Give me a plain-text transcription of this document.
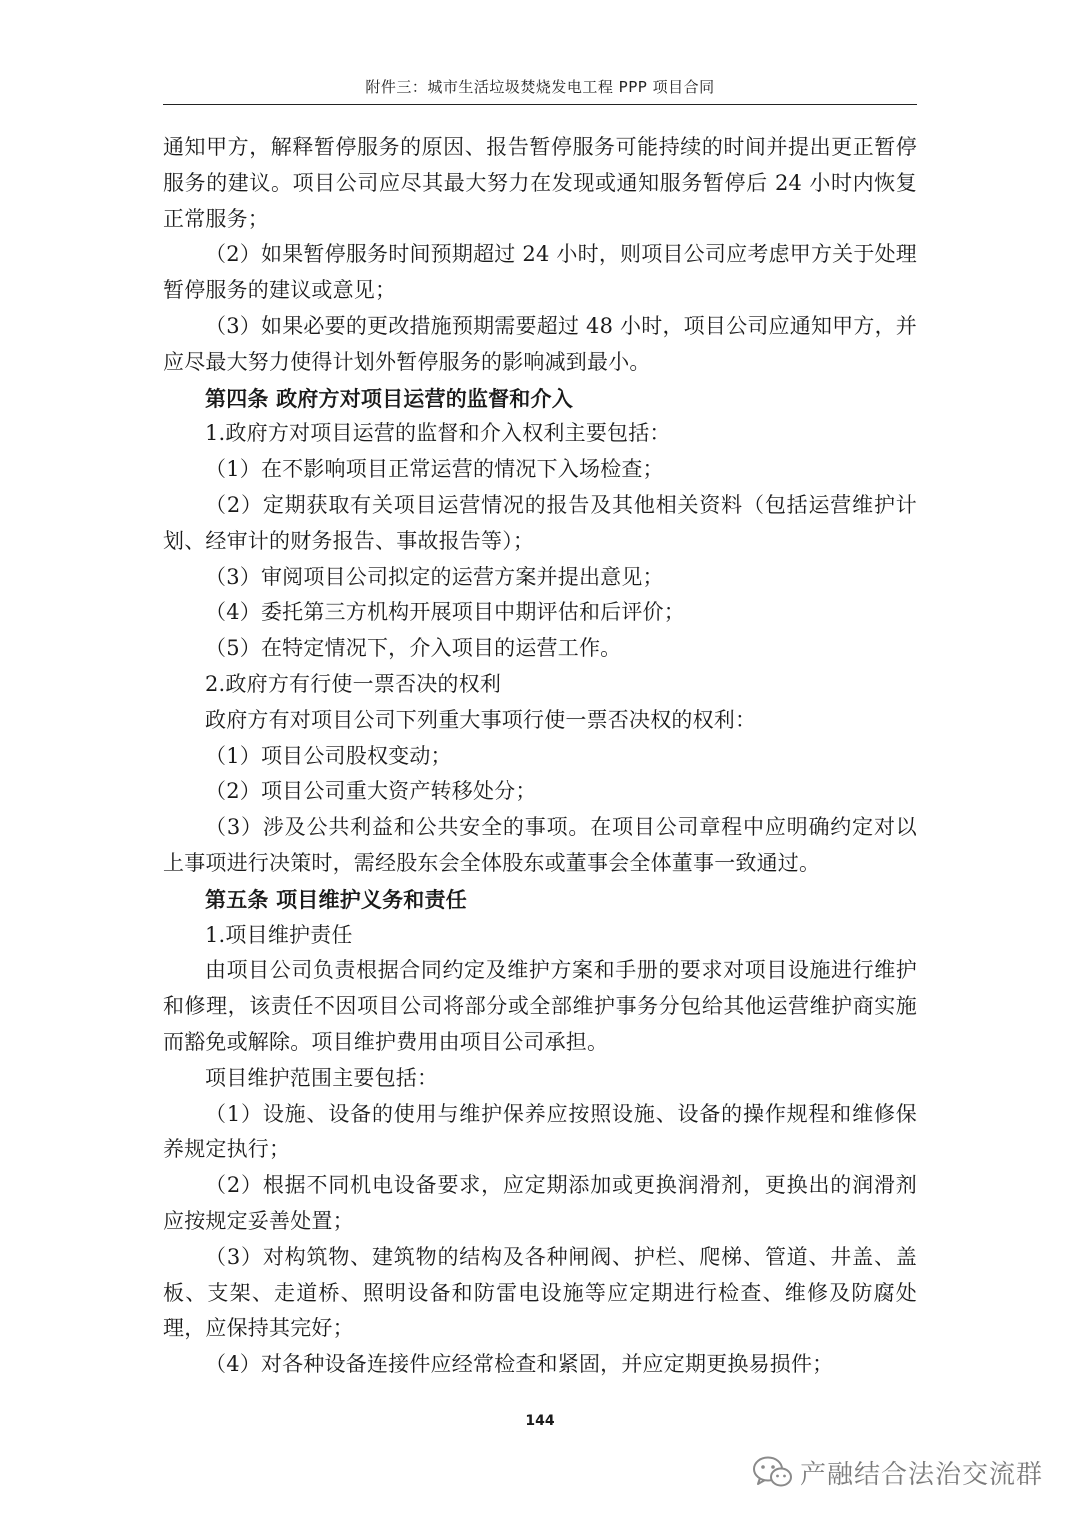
附件三：城市生活垃圾焚烧发电工程 PPP 项目合同

通知甲方，解释暂停服务的原因、报告暂停服务可能持续的时间并提出更正暂停服务的建议。项目公司应尽其最大努力在发现或通知服务暂停后 24 小时内恢复正常服务；

（2）如果暂停服务时间预期超过 24 小时，则项目公司应考虑甲方关于处理暂停服务的建议或意见；

（3）如果必要的更改措施预期需要超过 48 小时，项目公司应通知甲方，并应尽最大努力使得计划外暂停服务的影响减到最小。

第四条 政府方对项目运营的监督和介入

1.政府方对项目运营的监督和介入权利主要包括：

（1）在不影响项目正常运营的情况下入场检查；

（2）定期获取有关项目运营情况的报告及其他相关资料（包括运营维护计划、经审计的财务报告、事故报告等）；

（3）审阅项目公司拟定的运营方案并提出意见；

（4）委托第三方机构开展项目中期评估和后评价；

（5）在特定情况下，介入项目的运营工作。

2.政府方有行使一票否决的权利

政府方有对项目公司下列重大事项行使一票否决权的权利：

（1）项目公司股权变动；

（2）项目公司重大资产转移处分；

（3）涉及公共利益和公共安全的事项。在项目公司章程中应明确约定对以上事项进行决策时，需经股东会全体股东或董事会全体董事一致通过。

第五条 项目维护义务和责任

1.项目维护责任

由项目公司负责根据合同约定及维护方案和手册的要求对项目设施进行维护和修理，该责任不因项目公司将部分或全部维护事务分包给其他运营维护商实施而豁免或解除。项目维护费用由项目公司承担。

项目维护范围主要包括：

（1）设施、设备的使用与维护保养应按照设施、设备的操作规程和维修保养规定执行；

（2）根据不同机电设备要求，应定期添加或更换润滑剂，更换出的润滑剂应按规定妥善处置；

（3）对构筑物、建筑物的结构及各种闸阀、护栏、爬梯、管道、井盖、盖板、支架、走道桥、照明设备和防雷电设施等应定期进行检查、维修及防腐处理，应保持其完好；

（4）对各种设备连接件应经常检查和紧固，并应定期更换易损件；

144
产融结合法治交流群
